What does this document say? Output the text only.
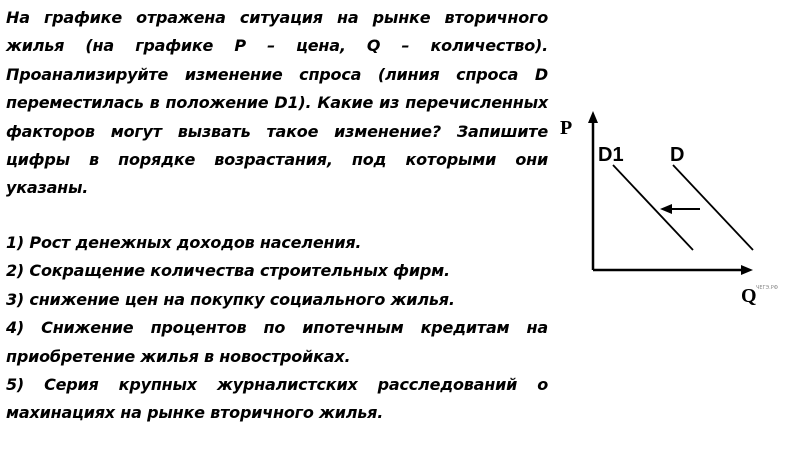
На графике отражена ситуация на рынке вторичного жилья (на графике P – цена, Q – количество). Проанализируйте изменение спроса (линия спроса D переместилась в положение D1). Какие из перечисленных факторов могут вызвать такое изменение? Запишите цифры в порядке возрастания, под которыми они указаны.

1) Рост денежных доходов населения.

2) Сокращение количества строительных фирм.

3) снижение цен на покупку социального жилья.

4) Снижение процентов по ипотечным кредитам на приобретение жилья в новостройках.

5) Серия крупных журналистских расследований о махинациях на рынке вторичного жилья.

P
D1 D
Q ЧЕГЭ.РФ
